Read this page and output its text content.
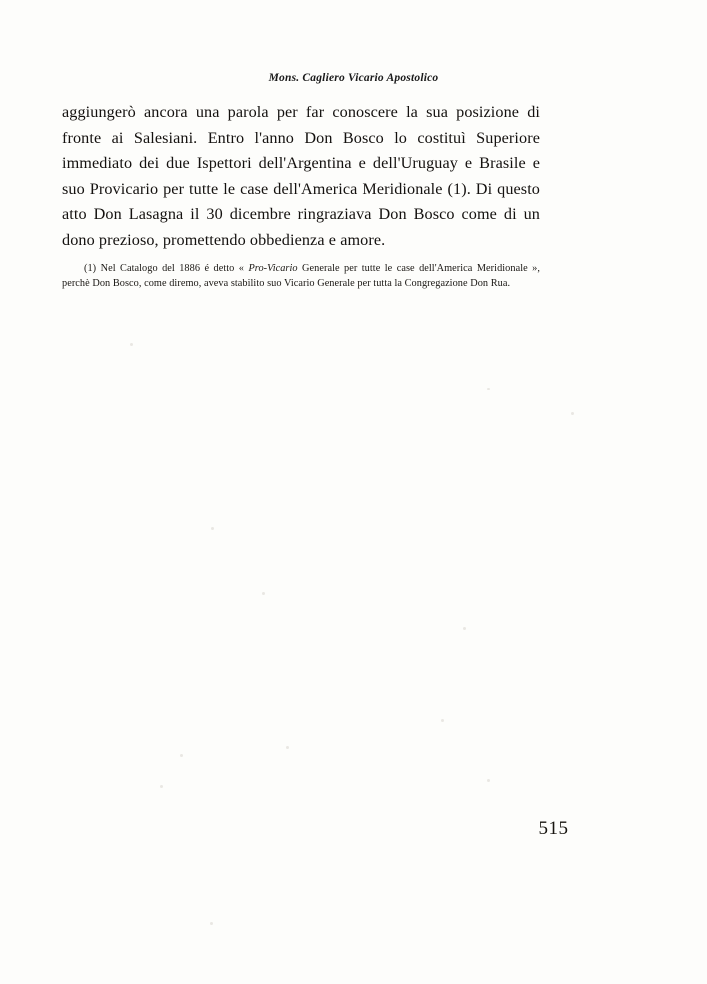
Mons. Cagliero Vicario Apostolico

aggiungerò ancora una parola per far conoscere la sua posizione di fronte ai Salesiani. Entro l'anno Don Bosco lo costituì Superiore immediato dei due Ispettori dell'Argentina e dell'Uruguay e Brasile e suo Provicario per tutte le case dell'America Meridionale (1). Di questo atto Don Lasagna il 30 dicembre ringraziava Don Bosco come di un dono prezioso, promettendo obbedienza e amore.

(1) Nel Catalogo del 1886 é detto « Pro-Vicario Generale per tutte le case dell'America Meridionale », perchè Don Bosco, come diremo, aveva stabilito suo Vicario Generale per tutta la Congregazione Don Rua.

515
